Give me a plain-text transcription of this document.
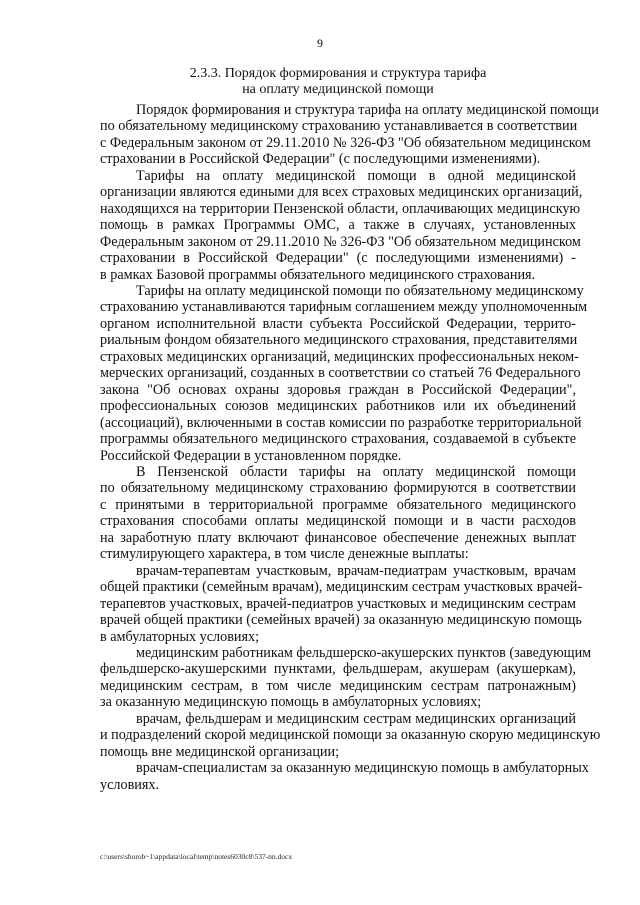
9
2.3.3. Порядок формирования и структура тарифа
на оплату медицинской помощи
Порядок формирования и структура тарифа на оплату медицинской помощи
по обязательному медицинскому страхованию устанавливается в соответствии
с Федеральным законом от 29.11.2010 № 326-ФЗ "Об обязательном медицинском
страховании в Российской Федерации" (с последующими изменениями).
Тарифы на оплату медицинской помощи в одной медицинской
организации являются едиными для всех страховых медицинских организаций,
находящихся на территории Пензенской области, оплачивающих медицинскую
помощь в рамках Программы ОМС, а также в случаях, установленных
Федеральным законом от 29.11.2010 № 326-ФЗ "Об обязательном медицинском
страховании в Российской Федерации" (с последующими изменениями) -
в рамках Базовой программы обязательного медицинского страхования.
Тарифы на оплату медицинской помощи по обязательному медицинскому
страхованию устанавливаются тарифным соглашением между уполномоченным
органом исполнительной власти субъекта Российской Федерации, террито-
риальным фондом обязательного медицинского страхования, представителями
страховых медицинских организаций, медицинских профессиональных неком-
мерческих организаций, созданных в соответствии со статьей 76 Федерального
закона "Об основах охраны здоровья граждан в Российской Федерации",
профессиональных союзов медицинских работников или их объединений
(ассоциаций), включенными в состав комиссии по разработке территориальной
программы обязательного медицинского страхования, создаваемой в субъекте
Российской Федерации в установленном порядке.
В Пензенской области тарифы на оплату медицинской помощи
по обязательному медицинскому страхованию формируются в соответствии
с принятыми в территориальной программе обязательного медицинского
страхования способами оплаты медицинской помощи и в части расходов
на заработную плату включают финансовое обеспечение денежных выплат
стимулирующего характера, в том числе денежные выплаты:
врачам-терапевтам участковым, врачам-педиатрам участковым, врачам
общей практики (семейным врачам), медицинским сестрам участковых врачей-
терапевтов участковых, врачей-педиатров участковых и медицинским сестрам
врачей общей практики (семейных врачей) за оказанную медицинскую помощь
в амбулаторных условиях;
медицинским работникам фельдшерско-акушерских пунктов (заведующим
фельдшерско-акушерскими пунктами, фельдшерам, акушерам (акушеркам),
медицинским сестрам, в том числе медицинским сестрам патронажным)
за оказанную медицинскую помощь в амбулаторных условиях;
врачам, фельдшерам и медицинским сестрам медицинских организаций
и подразделений скорой медицинской помощи за оказанную скорую медицинскую
помощь вне медицинской организации;
врачам-специалистам за оказанную медицинскую помощь в амбулаторных
условиях.
c:\users\shorob~1\appdata\local\temp\notes6030c8\537-nn.docx
